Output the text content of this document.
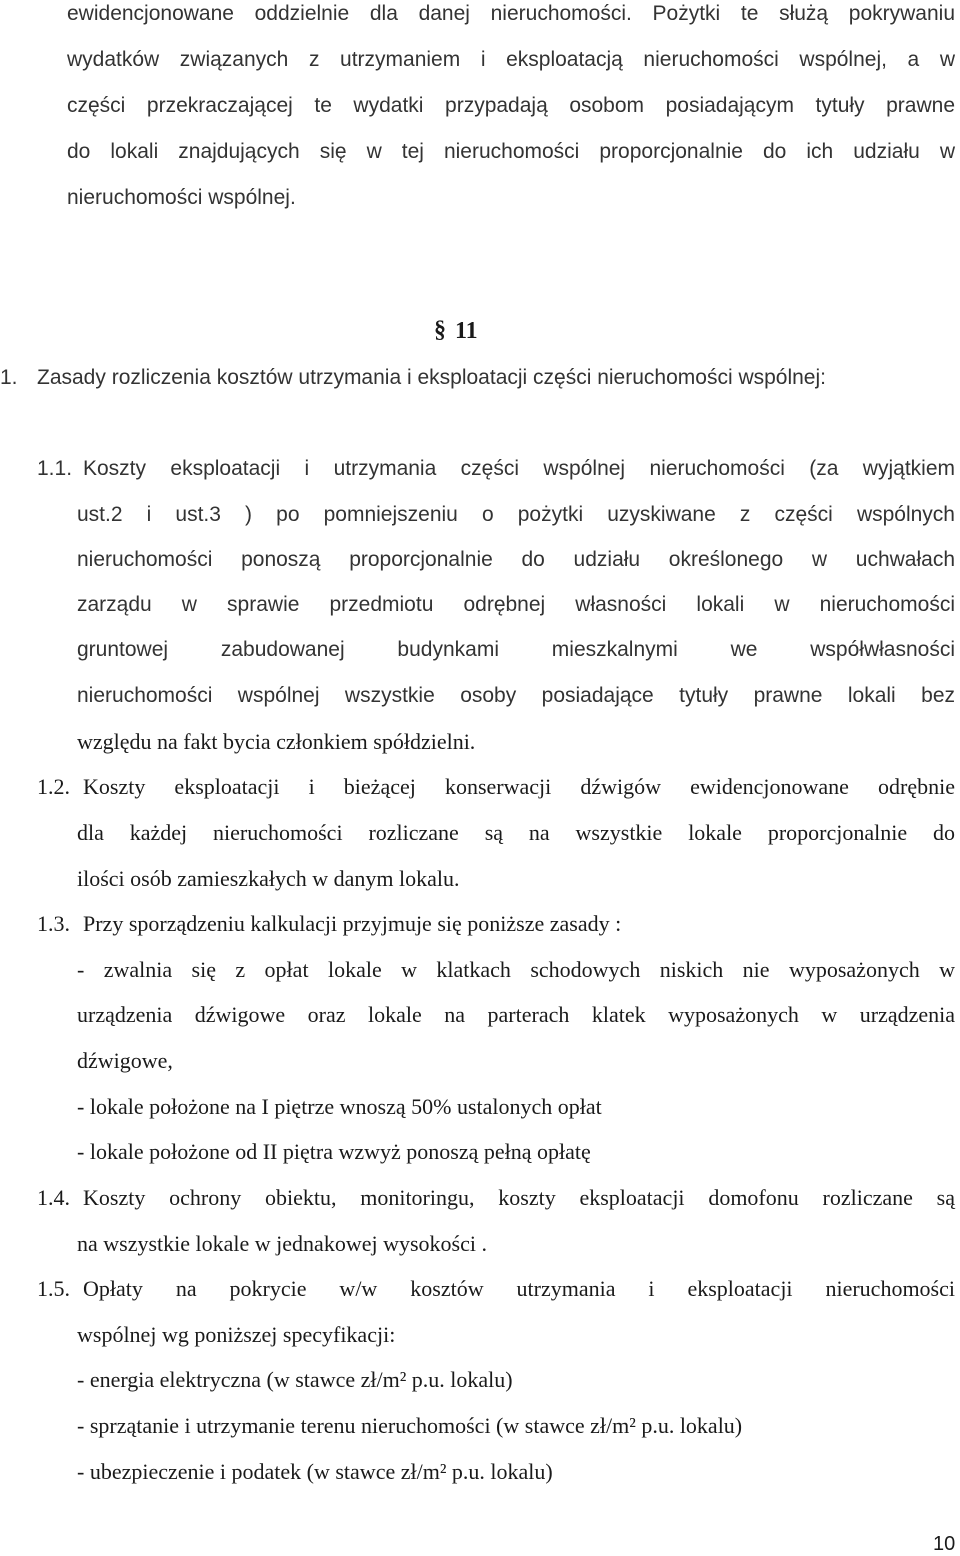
ewidencjonowane oddzielnie dla danej nieruchomości. Pożytki te służą pokrywaniu
wydatków związanych z utrzymaniem i eksploatacją nieruchomości wspólnej, a w
części przekraczającej te wydatki przypadają osobom posiadającym tytuły prawne
do lokali znajdujących się w tej nieruchomości proporcjonalnie do ich udziału w
nieruchomości wspólnej.
§ 11
1. Zasady rozliczenia kosztów utrzymania i eksploatacji części nieruchomości wspólnej:
1.1. Koszty eksploatacji i utrzymania części wspólnej nieruchomości (za wyjątkiem
ust.2 i ust.3 ) po pomniejszeniu o pożytki uzyskiwane z części wspólnych
nieruchomości ponoszą proporcjonalnie do udziału określonego w uchwałach
zarządu w sprawie przedmiotu odrębnej własności lokali w nieruchomości
gruntowej zabudowanej budynkami mieszkalnymi we współwłasności
nieruchomości wspólnej wszystkie osoby posiadające tytuły prawne lokali bez
względu na fakt bycia członkiem spółdzielni.
1.2. Koszty eksploatacji i bieżącej konserwacji dźwigów ewidencjonowane odrębnie
dla każdej nieruchomości rozliczane są na wszystkie lokale proporcjonalnie do
ilości osób zamieszkałych w danym lokalu.
1.3. Przy sporządzeniu kalkulacji przyjmuje się poniższe zasady :
- zwalnia się z opłat lokale w klatkach schodowych niskich nie wyposażonych w
urządzenia dźwigowe oraz lokale na parterach klatek wyposażonych w urządzenia
dźwigowe,
- lokale położone na I piętrze wnoszą 50% ustalonych opłat
- lokale położone od II piętra wzwyż ponoszą pełną opłatę
1.4. Koszty ochrony obiektu, monitoringu, koszty eksploatacji domofonu rozliczane są
na wszystkie lokale w jednakowej wysokości .
1.5. Opłaty na pokrycie w/w kosztów utrzymania i eksploatacji nieruchomości
wspólnej wg poniższej specyfikacji:
- energia elektryczna (w stawce zł/m² p.u. lokalu)
- sprzątanie i utrzymanie terenu nieruchomości (w stawce zł/m² p.u. lokalu)
- ubezpieczenie i podatek (w stawce zł/m² p.u. lokalu)
10
